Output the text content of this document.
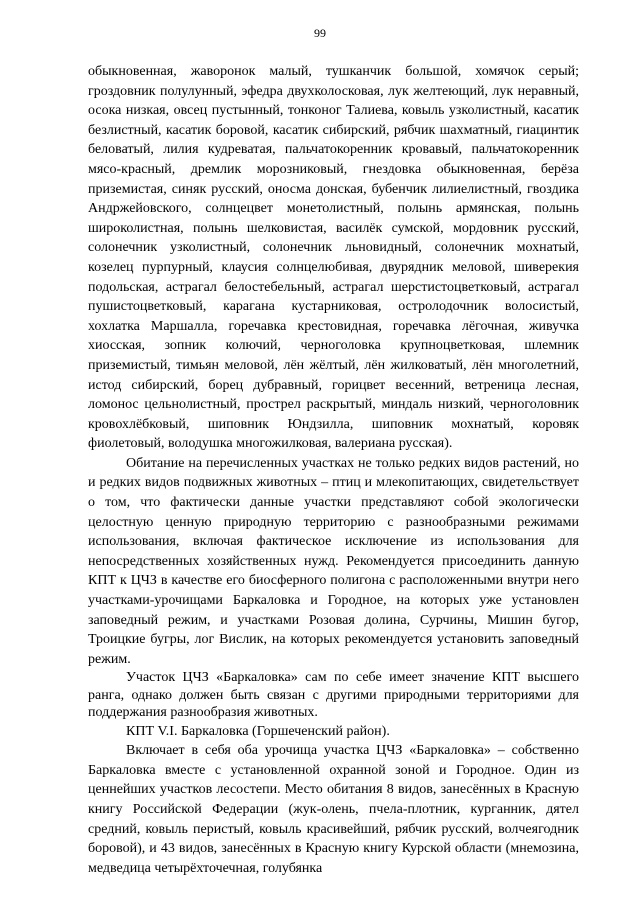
99

обыкновенная, жаворонок малый, тушканчик большой, хомячок серый; гроздовник полулунный, эфедра двухколосковая, лук желтеющий, лук неравный, осока низкая, овсец пустынный, тонконог Талиева, ковыль узколистный, касатик безлистный, касатик боровой, касатик сибирский, рябчик шахматный, гиацинтик беловатый, лилия кудреватая, пальчатокоренник кровавый, пальчатокоренник мясо-красный, дремлик морозниковый, гнездовка обыкновенная, берёза приземистая, синяк русский, оносма донская, бубенчик лилиелистный, гвоздика Андржейовского, солнцецвет монетолистный, полынь армянская, полынь широколистная, полынь шелковистая, василёк сумской, мордовник русский, солонечник узколистный, солонечник льновидный, солонечник мохнатый, козелец пурпурный, клаусия солнцелюбивая, двурядник меловой, шиверекия подольская, астрагал белостебельный, астрагал шерстистоцветковый, астрагал пушистоцветковый, карагана кустарниковая, остролодочник волосистый, хохлатка Маршалла, горечавка крестовидная, горечавка лёгочная, живучка хиосская, зопник колючий, черноголовка крупноцветковая, шлемник приземистый, тимьян меловой, лён жёлтый, лён жилковатый, лён многолетний, истод сибирский, борец дубравный, горицвет весенний, ветреница лесная, ломонос цельнолистный, прострел раскрытый, миндаль низкий, черноголовник кровохлёбковый, шиповник Юндзилла, шиповник мохнатый, коровяк фиолетовый, володушка многожилковая, валериана русская).

Обитание на перечисленных участках не только редких видов растений, но и редких видов подвижных животных – птиц и млекопитающих, свидетельствует о том, что фактически данные участки представляют собой экологически целостную ценную природную территорию с разнообразными режимами использования, включая фактическое исключение из использования для непосредственных хозяйственных нужд. Рекомендуется присоединить данную КПТ к ЦЧЗ в качестве его биосферного полигона с расположенными внутри него участками-урочищами Баркаловка и Городное, на которых уже установлен заповедный режим, и участками Розовая долина, Сурчины, Мишин бугор, Троицкие бугры, лог Вислик, на которых рекомендуется установить заповедный режим.

Участок ЦЧЗ «Баркаловка» сам по себе имеет значение КПТ высшего ранга, однако должен быть связан с другими природными территориями для поддержания разнообразия животных.

КПТ V.I. Баркаловка (Горшеченский район).

Включает в себя оба урочища участка ЦЧЗ «Баркаловка» – собственно Баркаловка вместе с установленной охранной зоной и Городное. Один из ценнейших участков лесостепи. Место обитания 8 видов, занесённых в Красную книгу Российской Федерации (жук-олень, пчела-плотник, курганник, дятел средний, ковыль перистый, ковыль красивейший, рябчик русский, волчеягодник боровой), и 43 видов, занесённых в Красную книгу Курской области (мнемозина, медведица четырёхточечная, голубянка
